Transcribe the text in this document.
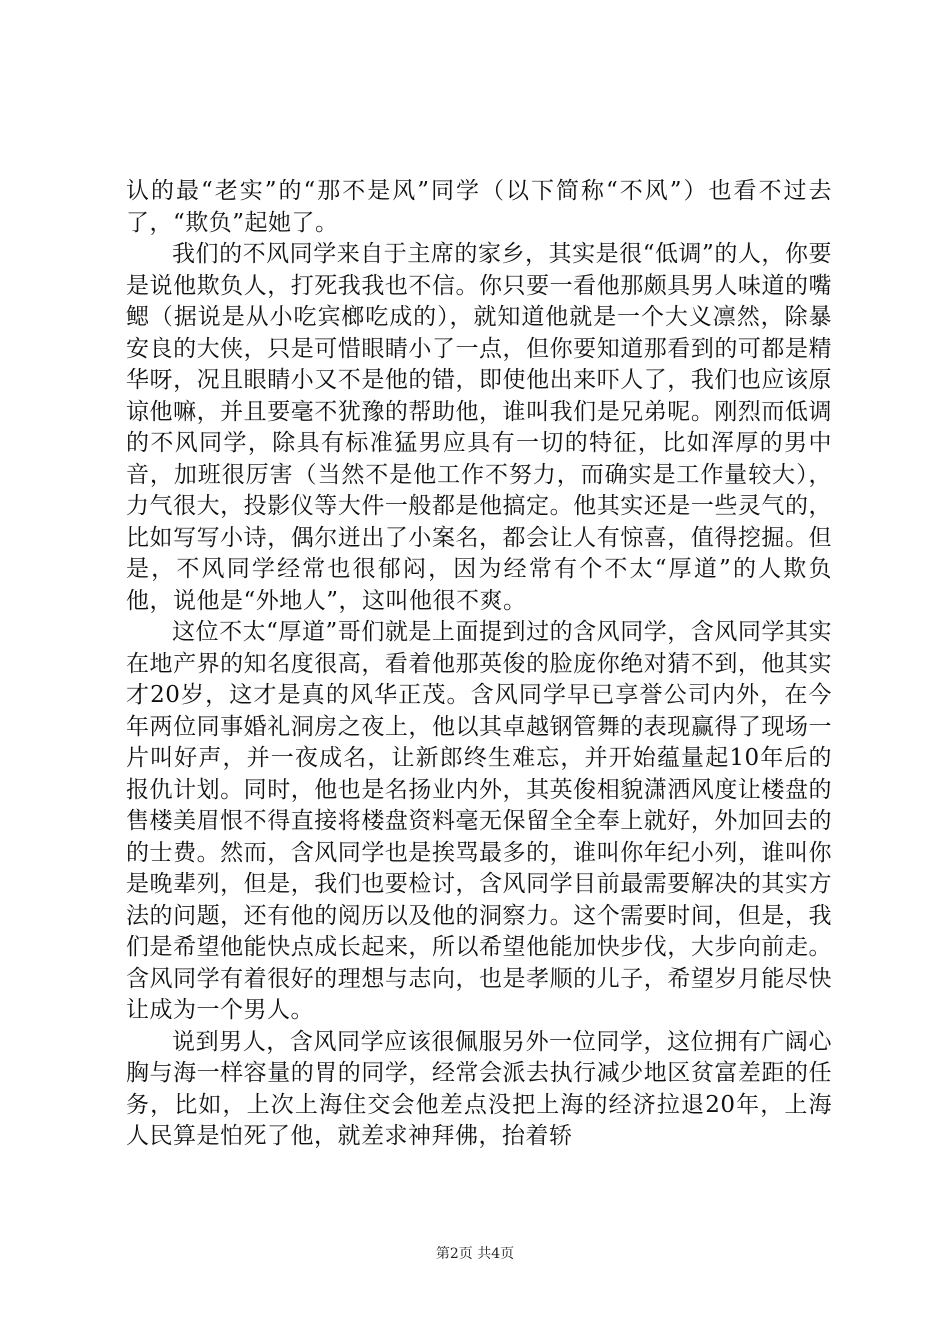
认的最“老实”的“那不是风”同学（以下简称“不风”）也看不过去了，“欺负”起她了。

我们的不风同学来自于主席的家乡，其实是很“低调”的人，你要是说他欺负人，打死我我也不信。你只要一看他那颇具男人味道的嘴鳃（据说是从小吃宾榔吃成的），就知道他就是一个大义凛然，除暴安良的大侠，只是可惜眼睛小了一点，但你要知道那看到的可都是精华呀，况且眼睛小又不是他的错，即使他出来吓人了，我们也应该原谅他嘛，并且要毫不犹豫的帮助他，谁叫我们是兄弟呢。刚烈而低调的不风同学，除具有标准猛男应具有一切的特征，比如浑厚的男中音，加班很厉害（当然不是他工作不努力，而确实是工作量较大），力气很大，投影仪等大件一般都是他搞定。他其实还是一些灵气的，比如写写小诗，偶尔迸出了小案名，都会让人有惊喜，值得挖掘。但是，不风同学经常也很郁闷，因为经常有个不太“厚道”的人欺负他，说他是“外地人”，这叫他很不爽。

这位不太“厚道”哥们就是上面提到过的含风同学，含风同学其实在地产界的知名度很高，看着他那英俊的脸庞你绝对猜不到，他其实才20岁，这才是真的风华正茂。含风同学早已享誉公司内外，在今年两位同事婚礼洞房之夜上，他以其卓越钢管舞的表现赢得了现场一片叫好声，并一夜成名，让新郎终生难忘，并开始蕴量起10年后的报仇计划。同时，他也是名扬业内外，其英俊相貌潇洒风度让楼盘的售楼美眉恨不得直接将楼盘资料毫无保留全全奉上就好，外加回去的的士费。然而，含风同学也是挨骂最多的，谁叫你年纪小列，谁叫你是晚辈列，但是，我们也要检讨，含风同学目前最需要解决的其实方法的问题，还有他的阅历以及他的洞察力。这个需要时间，但是，我们是希望他能快点成长起来，所以希望他能加快步伐，大步向前走。含风同学有着很好的理想与志向，也是孝顺的儿子，希望岁月能尽快让成为一个男人。

说到男人，含风同学应该很佩服另外一位同学，这位拥有广阔心胸与海一样容量的胃的同学，经常会派去执行减少地区贫富差距的任务，比如，上次上海住交会他差点没把上海的经济拉退20年，上海人民算是怕死了他，就差求神拜佛，抬着轿

第2页 共4页
